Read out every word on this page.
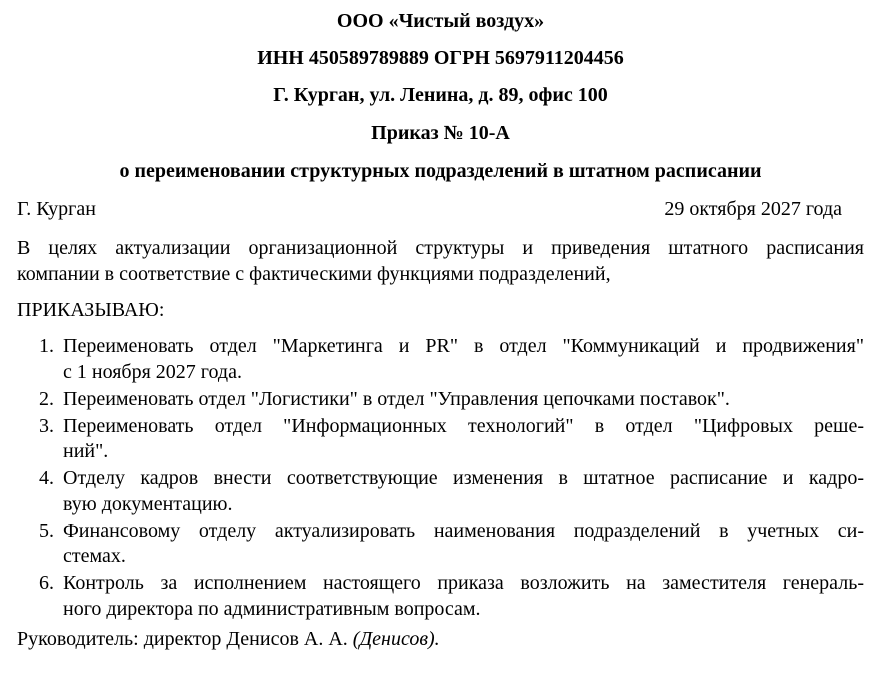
ООО «Чистый воздух»

ИНН 450589789889 ОГРН 5697911204456

Г. Курган, ул. Ленина, д. 89, офис 100

Приказ № 10-А

о переименовании структурных подразделений в штатном расписании

Г. Курган	29 октября 2027 года
В целях актуализации организационной структуры и приведения штатного расписания
компании в соответствие с фактическими функциями подразделений,
ПРИКАЗЫВАЮ:
1. Переименовать отдел "Маркетинга и PR" в отдел "Коммуникаций и продвижения"
с 1 ноября 2027 года.
2. Переименовать отдел "Логистики" в отдел "Управления цепочками поставок".
3. Переименовать отдел "Информационных технологий" в отдел "Цифровых реше-
ний".
4. Отделу кадров внести соответствующие изменения в штатное расписание и кадро-
вую документацию.
5. Финансовому отделу актуализировать наименования подразделений в учетных си-
стемах.
6. Контроль за исполнением настоящего приказа возложить на заместителя генераль-
ного директора по административным вопросам.
Руководитель: директор Денисов А. А. (Денисов).
